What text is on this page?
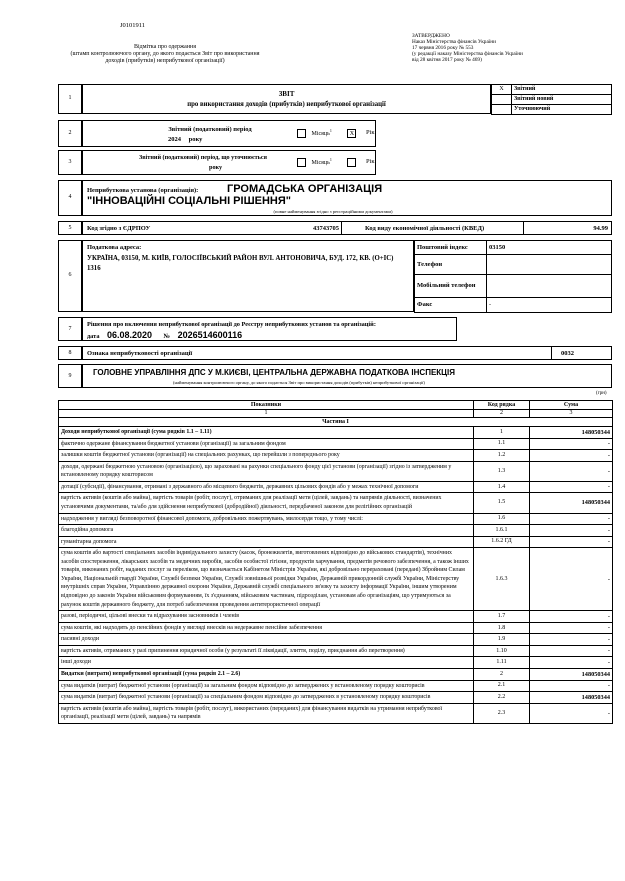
J0101911
Відмітка про одержання
(штамп контролюючого органу, до якого подається Звіт про використання
доходів (прибутків) неприбуткової організації)
ЗАТВЕРДЖЕНО
Наказ Міністерства фінансів України
17 червня 2016 року № 553
(у редакції наказу Міністерства фінансів України
від 28 квітня 2017 року № 469)
1	ЗВІТ
про використання доходів (прибутків) неприбуткової організації
X	Звітний
	Звітний новий
	Уточнюючий
2	Звітний (податковий) період
2024 року
Місяць$^1$ X	Рік
3
Звітний (податковий) період, що уточнюється
року
Місяць$^1$	Рік
4
Неприбуткова установа (організація):	ГРОМАДСЬКА ОРГАНІЗАЦІЯ "ІННОВАЦІЙНІ СОЦІАЛЬНІ РІШЕННЯ"
(повне найменування згідно з реєстраційними документами)
5	Код згідно з ЄДРПОУ	43743705	Код виду економічної діяльності (КВЕД)	94.99
6
Податкова адреса:
УКРАЇНА, 03150, М. КИЇВ, ГОЛОСІЇВСЬКИЙ РАЙОН ВУЛ. АНТОНОВИЧА, БУД. 172, КВ. (О+ІС) 1316
Поштовий індекс	03150
Телефон	
Мобільний телефон	
Факс	-
7
Рішення про включення неприбуткової організації до Реєстру неприбуткових установ та організацій:
дата 06.08.2020 № 2026514600116
8	Ознака неприбутковості організації	0032
9	ГОЛОВНЕ УПРАВЛІННЯ ДПС У М.КИЄВІ, ЦЕНТРАЛЬНА ДЕРЖАВНА ПОДАТКОВА ІНСПЕКЦІЯ
(найменування контролюючого органу, до якого подається Звіт про використання доходів (прибутків) неприбуткової організації)
(грн)
Показники	Код рядка	Сума
1	2	3
Частина I		
Доходи неприбуткової організації (сума рядків 1.1 – 1.11)	1	148050344
фактично одержане фінансування бюджетної установи (організації) за загальним фондом	1.1	-
залишки коштів бюджетної установи (організації) на спеціальних рахунках, що перейшли з попереднього року	1.2	-
доходи, одержані бюджетною установою (організацією), що зараховані на рахунки спеціального фонду цієї установи (організації) згідно із затвердженим у встановленому порядку кошторисом	1.3	-
дотації (субсидії), фінансування, отримані з державного або місцевого бюджетів, державних цільових фондів або у межах технічної допомоги	1.4	-
вартість активів (коштів або майна), вартість товарів (робіт, послуг), отриманих для реалізації мети (цілей, завдань) та напрямів діяльності, визначених установчими документами, та/або для здійснення неприбуткової (добродійної) діяльності, передбаченої законом для релігійних організацій	1.5	148050344
надходження у вигляді безповоротної фінансової допомоги, добровільних пожертвувань, милосердя тощо, у тому числі:	1.6	-
благодійна допомога	1.6.1	-
гуманітарна допомога	1.6.2 ГД	-
сума коштів або вартості спеціальних засобів індивідуального захисту (касок, бронежилетів, виготовлених відповідно до військових стандартів), технічних засобів спостереження, лікарських засобів та медичних виробів, засобів особистої гігієни, продуктів харчування, предметів речового забезпечення, а також інших товарів, виконаних робіт, наданих послуг за переліком, що визначається Кабінетом Міністрів України, які добровільно перераховані (передані) Збройним Силам України, Національній гвардії України, Службі безпеки України, Службі зовнішньої розвідки України, Державній прикордонній службі України, Міністерству внутрішніх справ України, Управлінню державної охорони України, Державній службі спеціального зв'язку та захисту інформації України, іншим утвореним відповідно до законів України військовим формуванням, їх з'єднанням, військовим частинам, підрозділам, установам або організаціям, що утримуються за рахунок коштів державного бюджету, для потреб забезпечення проведення антитерористичної операції	1.6.3	-
разові, періодичні, цільові внески та відрахування засновників і членів	1.7	-
сума коштів, які надходять до пенсійних фондів у вигляді внесків на недержавне пенсійне забезпечення	1.8	-
пасивні доходи	1.9	-
вартість активів, отриманих у разі припинення юридичної особи (у результаті її ліквідації, злиття, поділу, приєднання або перетворення)	1.10	-
інші доходи	1.11	-
Видатки (витрати) неприбуткової організації (сума рядків 2.1 – 2.6)	2	148050344
сума видатків (витрат) бюджетної установи (організації) за загальним фондом відповідно до затверджених у встановленому порядку кошторисів	2.1	-
сума видатків (витрат) бюджетної установи (організації) за спеціальним фондом відповідно до затверджених в установленому порядку кошторисів	2.2	148050344
вартість активів (коштів або майна), вартість товарів (робіт, послуг), використаних (переданих) для фінансування видатків на утримання неприбуткової організації, реалізації мети (цілей, завдань) та напрямів	2.3	-
